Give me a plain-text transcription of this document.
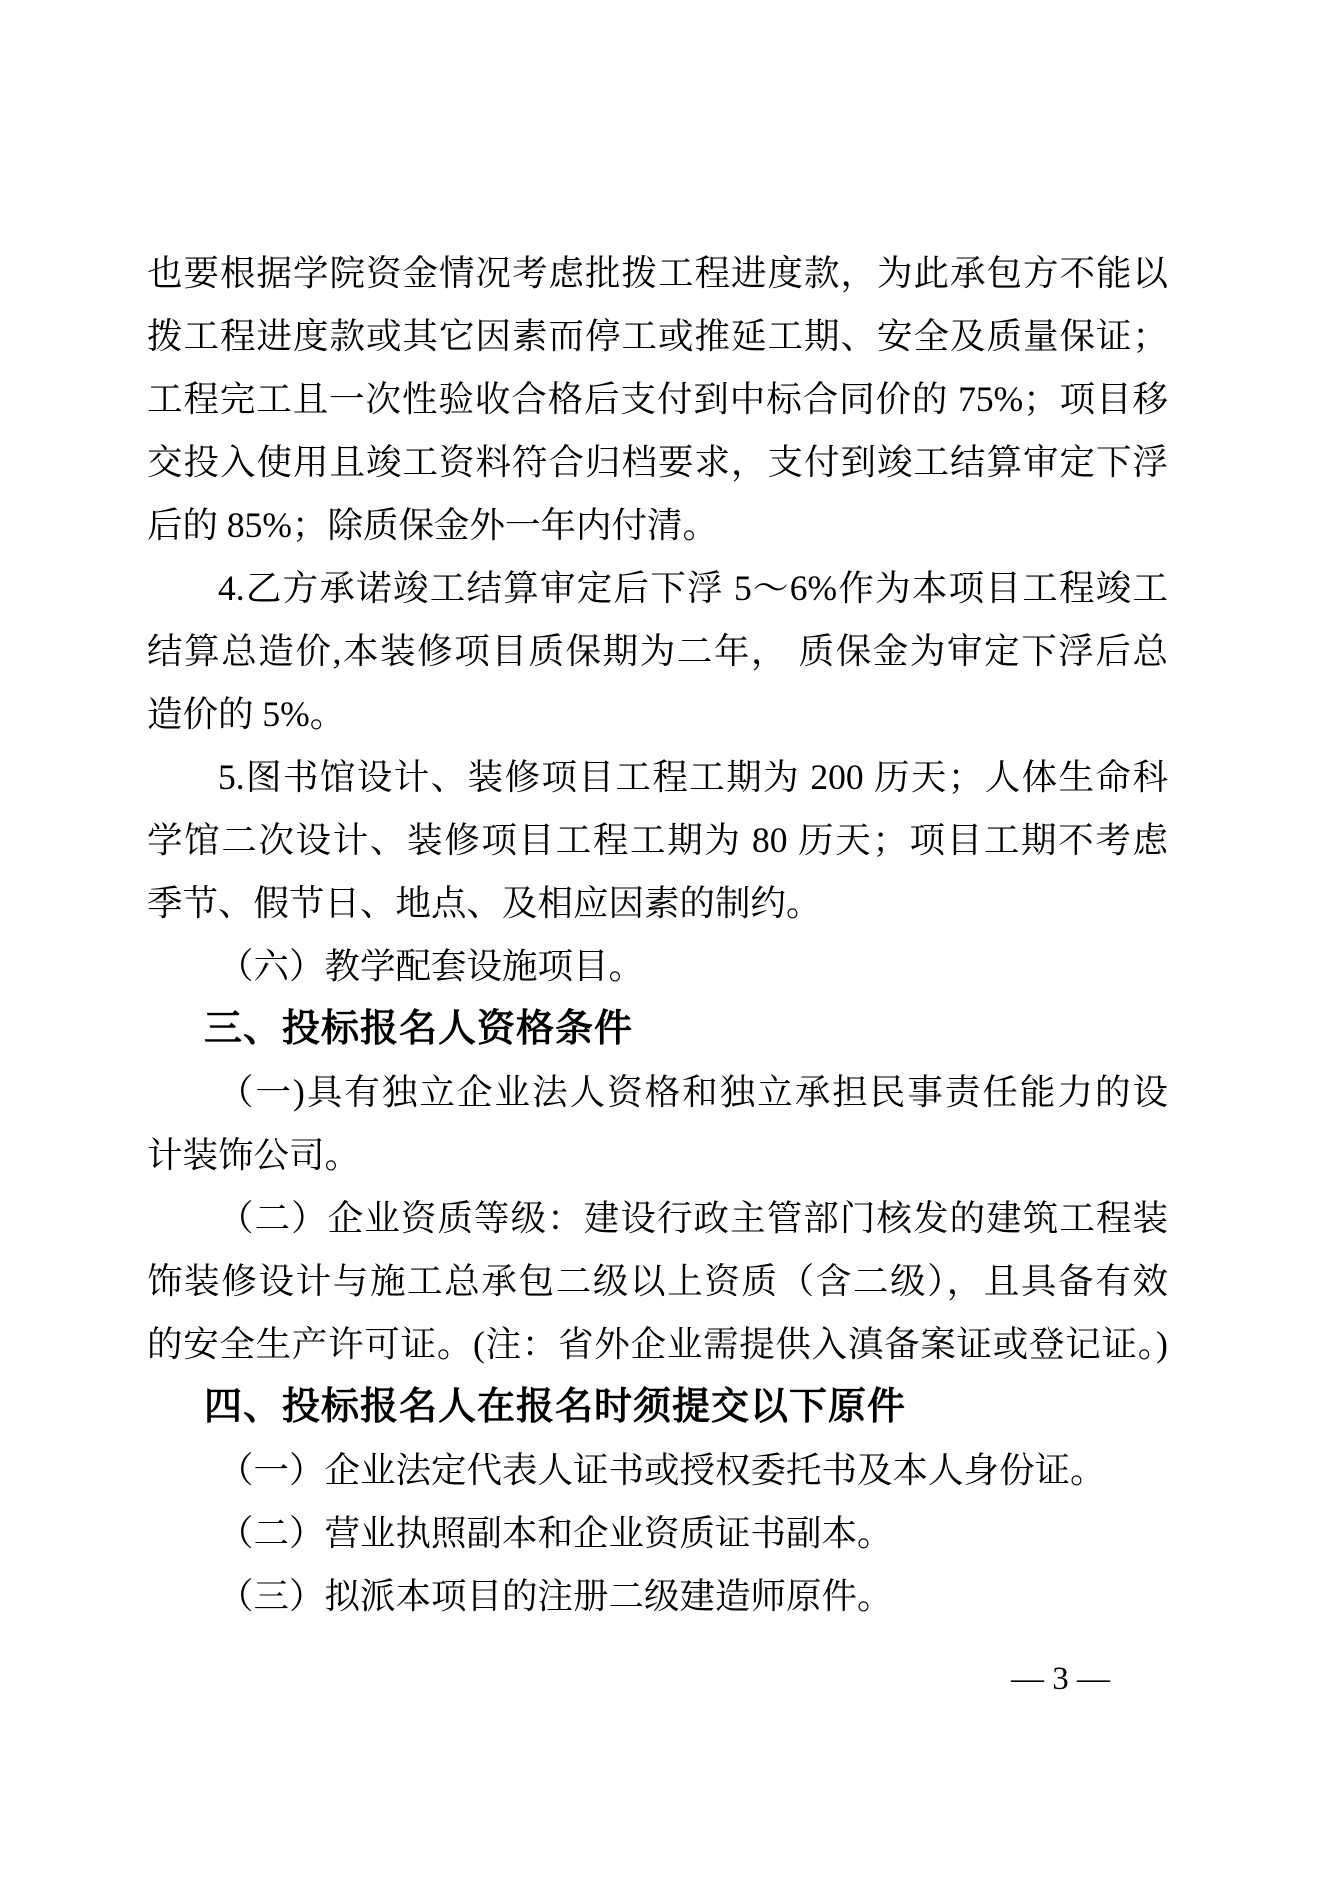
也要根据学院资金情况考虑批拨工程进度款，为此承包方不能以

拨工程进度款或其它因素而停工或推延工期、安全及质量保证；

工程完工且一次性验收合格后支付到中标合同价的 75%；项目移

交投入使用且竣工资料符合归档要求，支付到竣工结算审定下浮

后的 85%；除质保金外一年内付清。

4.乙方承诺竣工结算审定后下浮 5～6%作为本项目工程竣工

结算总造价,本装修项目质保期为二年， 质保金为审定下浮后总

造价的 5%。

5.图书馆设计、装修项目工程工期为 200 历天；人体生命科

学馆二次设计、装修项目工程工期为 80 历天；项目工期不考虑

季节、假节日、地点、及相应因素的制约。

（六）教学配套设施项目。

三、投标报名人资格条件

（一)具有独立企业法人资格和独立承担民事责任能力的设

计装饰公司。

（二）企业资质等级：建设行政主管部门核发的建筑工程装

饰装修设计与施工总承包二级以上资质（含二级），且具备有效

的安全生产许可证。(注：省外企业需提供入滇备案证或登记证。)

四、投标报名人在报名时须提交以下原件

（一）企业法定代表人证书或授权委托书及本人身份证。

（二）营业执照副本和企业资质证书副本。

（三）拟派本项目的注册二级建造师原件。

— 3 —
